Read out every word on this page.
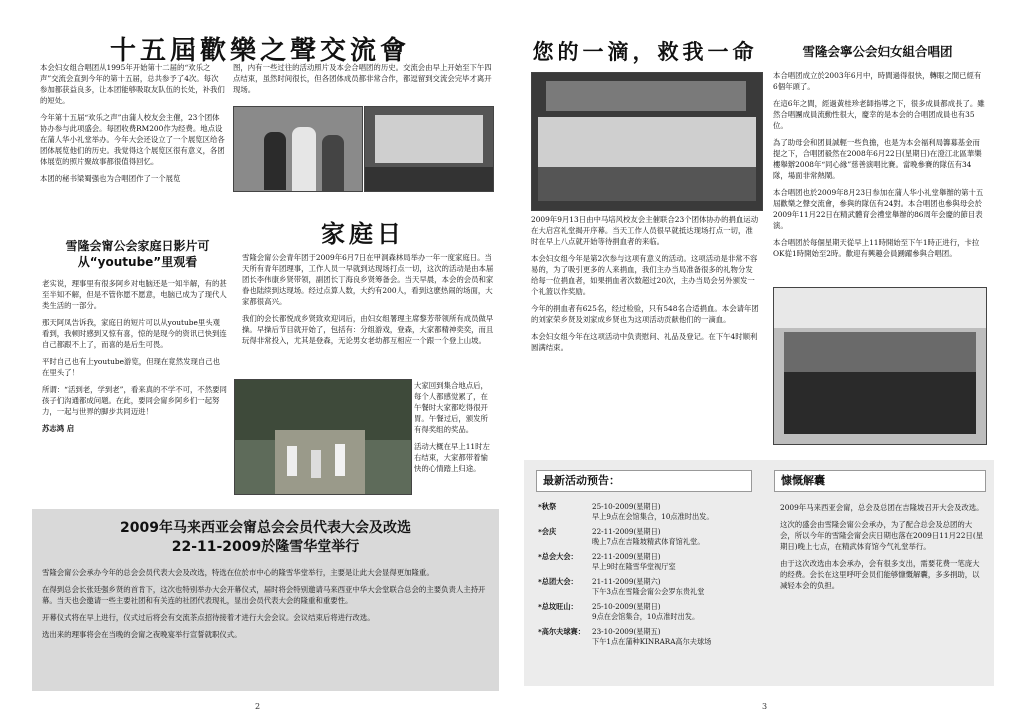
十五屆歡樂之聲交流會

本会妇女组合唱团从1995年开始第十二届的“欢乐之声”交流会直到今年的第十五届，总共参予了4次。每次参加都获益良多，让本团能够吸取友队伍的长处，补我们的短处。

今年第十五届“欢乐之声”由蒲人校友会主催，23个团体协办参与此项盛会。每团收费RM200作为经费。地点设在蒲人华小礼堂举办。今年大会还设立了一个展览区给各团体展览他们的历史。我觉得这个展览区很有意义，各团体展览的照片聚故事都很值得回忆。

本团的秘书梁蜀强也为合唱团作了一个展览

图，内有一些过往的活动照片及本会合唱团的历史。交流会由早上开始至下午四点结束，虽然时间很长，但各团体成员都非常合作，都逗留到交流会完毕才离开现场。

雪隆会甯公会家庭日影片可从“youtube”里观看

老实说，理事里有很多阿乡对电脑还是一知半解，有的甚至半知不解，但是不管你愿不愿意，电脑已成为了现代人类生活的一部分。

那天阿凤告诉我，家庭日的短片可以从youtube里头观看到，我顿时感到又惊有喜，惊的是现今的资讯已快到连自己都跟不上了，而喜的是后生可畏。

平时自己也有上youtube游览，但现在竟然发现自己也在里头了！

所谓：“活到老，学到老”，看来真的不学不可，不然要同孩子们沟通都成问题。在此，要同会甯乡阿乡们一起努力，一起与世界的脚步共同迈进！

苏志鸿 启

家庭日

雪隆会甯公会青年团于2009年6月7日在甲洞森林局举办一年一度家庭日。当天所有青年团理事，工作人员一早就到达现场打点一切，这次的活动是由本届团长李伟康乡贤带领，副团长丁海良乡贤筹备会。当天早晨，本会的会员和家眷也陆续到达现场。经过点算人数，大约有200人，看到这麽热闹的场面，大家都很高兴。

我们的会长都悦成乡贤致欢迎词后，由妇女组署理主席黎芳带领所有成员做早操。早操后节目就开始了，包括有：分组游戏，登森，大家都精神奕奕，而且玩得非常投入，尤其是登森，无论男女老幼都互相应一个跟一个登上山坡。

大家回到集合地点后，每个人都感觉累了，在午餐时大家都吃得很开胃。午餐过后，颁发所有得奖组的奖品。

活动大概在早上11时左右结束，大家都带着愉快的心情踏上归途。

2009年马来西亚会甯总会会员代表大会及改选
22-11-2009於隆雪华堂举行

雪隆会甯公会承办今年的总会会员代表大会及改选，特选在位於市中心的隆雪华堂举行，主要是让此大会显得更加隆重。

在得到总会长张廷强乡贤的首肯下，这次也特别举办大会开幕仪式，届时将会特别邀请马来西亚中华大会堂联合总会的主要负责人主持开幕。当天也会邀请一些主要社团和有关连的社团代表现礼，显出会员代表大会的隆重和重要性。

开幕仪式将在早上进行，仪式过后将会有交流茶点招待接着才进行大会会议。会议结束后将进行改选。

选出来的理事将会在当晚的会甯之夜晚宴举行宣誓就职仪式。

2
您的一滴，救我一命

2009年9月13日由中马培风校友会主催联合23个团体协办的捐血运动在大启宫礼堂揭开序幕。当天工作人员很早就抵达现场打点一切，准时在早上八点就开始等待捐血者的来临。

本会妇女组今年是第2次参与这项有意义的活动。这项活动是非常不容易的，为了吸引更多的人来捐血，我们主办当局准备很多的礼物分发给每一位捐血者，如果捐血者次数超过20次，主办当局会另外颁发一个礼篮以作奖励。

今年的捐血者有625名，经过检验，只有548名合适捐血。本会请年团的刘家荣乡贤及刘家成乡贤也为这项活动贡献他们的一滴血。

本会妇女组今年在这项活动中负责慰问、礼品及登记。在下午4时顺利圆满结束。

雪隆会寧公会妇女組合唱团

本合唱团成立於2003年6月中，時間過得很快，轉眼之間已經有6個年頭了。

在這6年之間，經過黃桂珍老師指導之下，很多成員都成長了。雖然合唱團成員流動性很大，慶幸的是本会的合唱团成員也有35位。

為了助母会和团員誠輕一些負擔，也是为本会福利局籌募基金而提之下，合唱团毅然在2008年6月22日(星期日)在澄江北區華樂樓舉辦2008年“同心緣”慈善演唱比賽。當晚參賽的隊伍有34隊，場面非常熱鬧。

本合唱团也於2009年8月23日参加在蒲人华小礼堂舉辦的第十五屆歡樂之聲交流會，參與的隊伍有24對。本合唱团也參與母会於2009年11月22日在精武體育会禮堂舉辦的86周年会慶的節目表演。

本合唱团於每個星期天從早上11時開始至下午1時正进行，卡拉OK從1時開始至2時。歡迎有興趣会員踴躍參與合唱团。

最新活动预告：
*秋祭	25-10-2009(星期日)
早上9点在会馆集合，10点准时出发。
*会庆	22-11-2009(星期日)
晚上7点在吉隆坡精武体育馆礼堂。
*总会大会：	22-11-2009(星期日)
早上9时在隆雪华堂视厅室
*总团大会：	21-11-2009(星期六)
下午3点在雪隆会甯公会罗东贵礼堂
*总坟旺山：	25-10-2009(星期日)
9点在会馆集合，10点准时出发。
*高尔夫球赛： 23-10-2009(星期五)
下午1点在蒲种KINRARA高尔夫球场
慷慨解囊

2009年马来西亚会甯，总会及总团在吉隆坡召开大会及改选。

这次的盛会由雪隆会甯公会承办，为了配合总会及总团的大会，所以今年的雪隆会甯会庆日期也落在2009日11月22日(星期日)晚上七点，在精武体育馆今气礼堂举行。

由于这次改选由本会承办，会有很多支出，需要花费一笔庞大的经费。会长在这里呼吁会员们能够慷慨解囊，多多捐助，以减轻本会的负担。

3
